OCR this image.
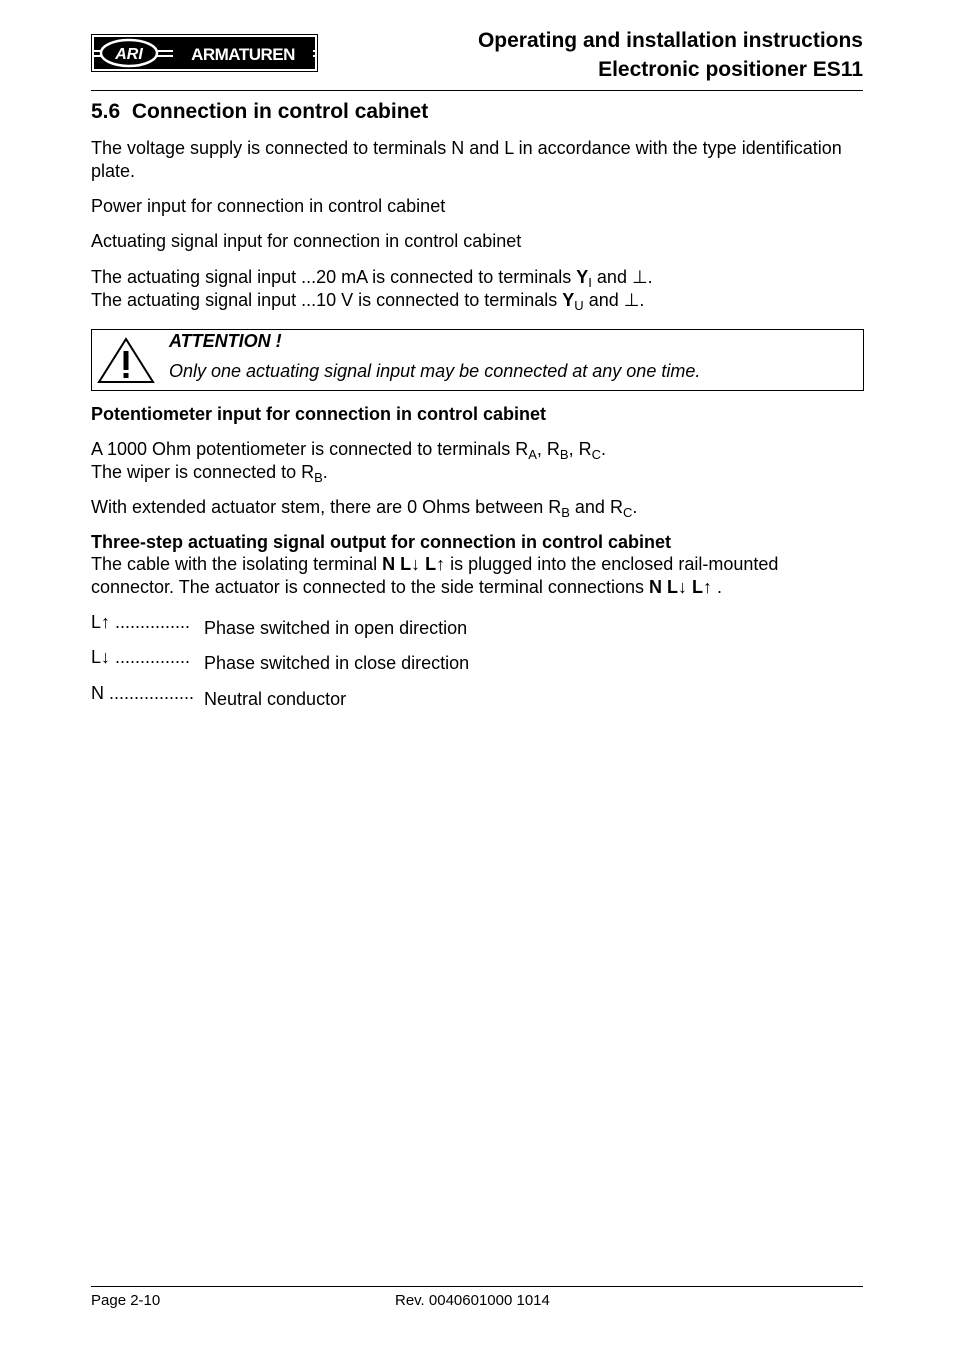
ARI	ARMATUREN
Operating and installation instructions
Electronic positioner ES11
5.6 Connection in control cabinet

The voltage supply is connected to terminals N and L in accordance with the type identification plate.

Power input for connection in control cabinet

Actuating signal input for connection in control cabinet

The actuating signal input ...20 mA is connected to terminals $Y_I$ and ⊥.
The actuating signal input ...10 V is connected to terminals $Y_U$ and ⊥.

ATTENTION !
Only one actuating signal input may be connected at any one time.

Potentiometer input for connection in control cabinet

A 1000 Ohm potentiometer is connected to terminals $R_A$, $R_B$, $R_C$.
The wiper is connected to $R_B$.

With extended actuator stem, there are 0 Ohms between $R_B$ and $R_C$.

Three-step actuating signal output for connection in control cabinet

The cable with the isolating terminal N L↓ L↑ is plugged into the enclosed rail-mounted connector. The actuator is connected to the side terminal connections N L↓ L↑ .

L↑ ............... Phase switched in open direction
L↓ ............... Phase switched in close direction
N ................. Neutral conductor
Page 2-10	Rev. 0040601000 1014
